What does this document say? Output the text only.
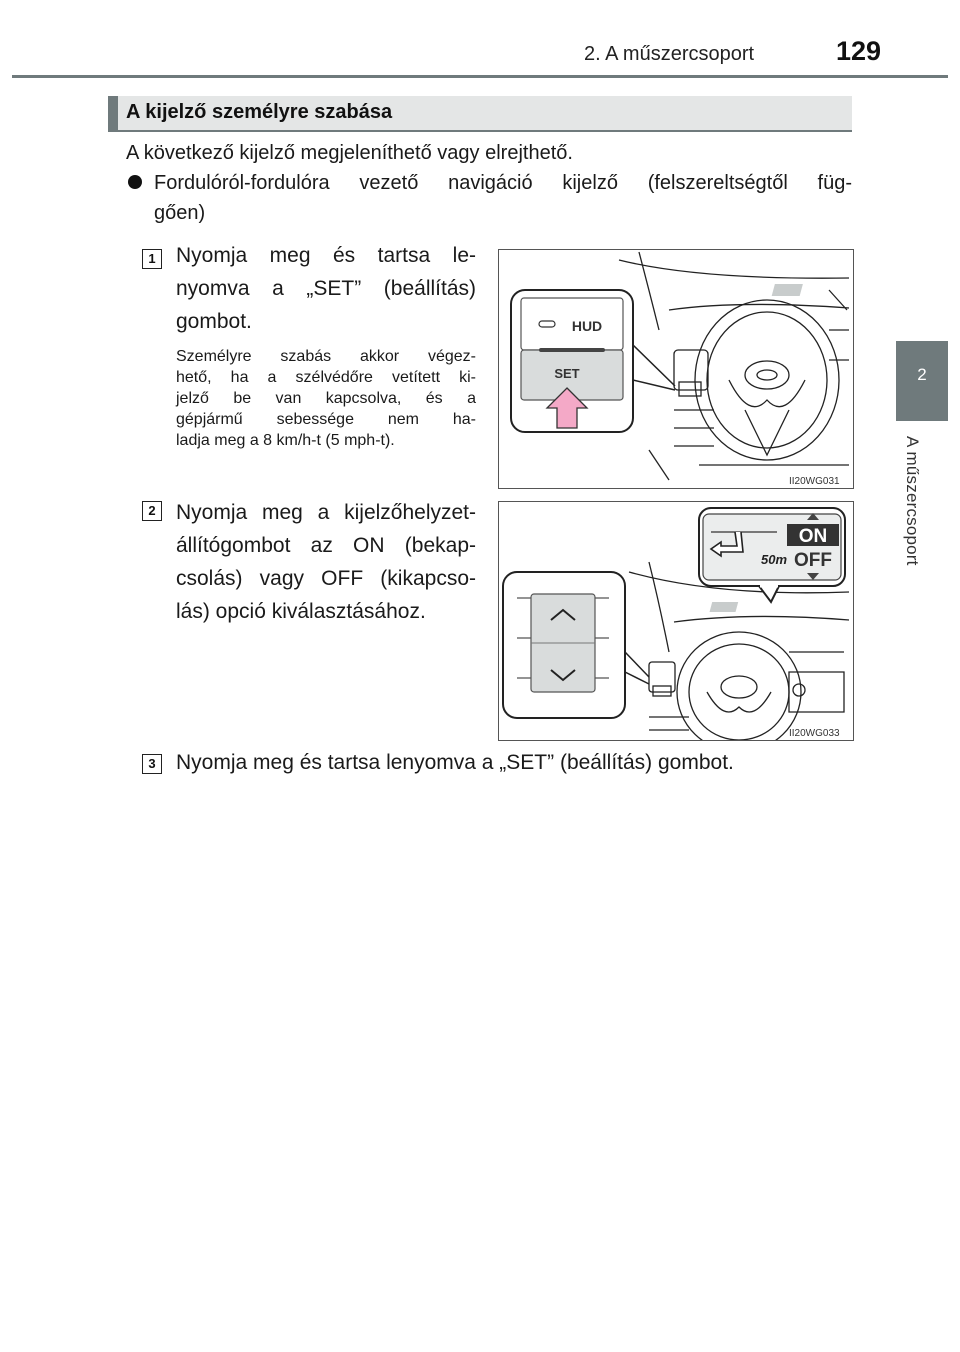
2. A műszercsoport	129
2
A műszercsoport
A kijelző személyre szabása
A következő kijelző megjeleníthető vagy elrejthető.
Fordulóról-fordulóra vezető navigáció kijelző (felszereltségtől füg-
gően)
1 Nyomja meg és tartsa le-
nyomva a „SET” (beállítás)
gombot.
Személyre szabás akkor végez-
hető, ha a szélvédőre vetített ki-
jelző be van kapcsolva, és a
gépjármű sebessége nem ha-
ladja meg a 8 km/h-t (5 mph-t).
HUD
SET
II20WG031
2 Nyomja meg a kijelzőhelyzet-
állítógombot az ON (bekap-
csolás) vagy OFF (kikapcso-
lás) opció kiválasztásához.
50m
ON
OFF
II20WG033
3 Nyomja meg és tartsa lenyomva a „SET” (beállítás) gombot.
